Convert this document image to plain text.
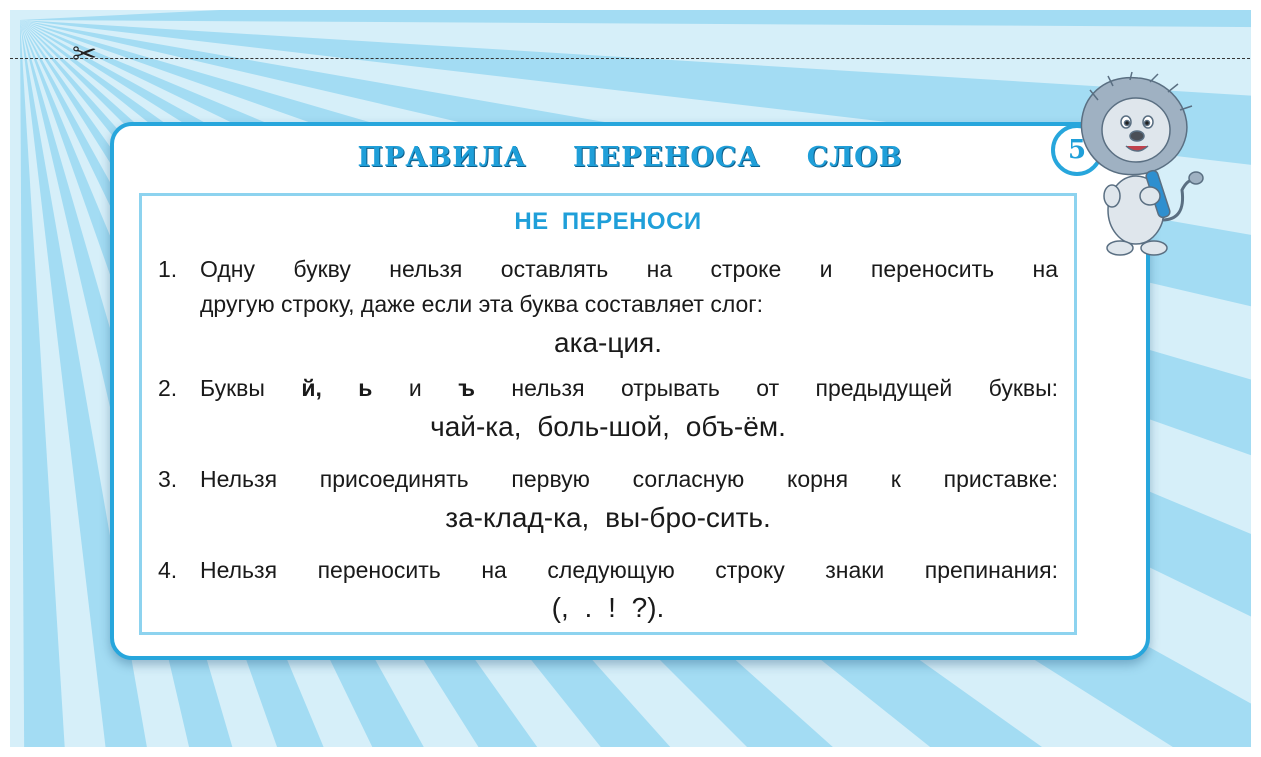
✂
ПРАВИЛА ПЕРЕНОСА СЛОВ	5
НЕ ПЕРЕНОСИ
1. Одну букву нельзя оставлять на строке и переносить на
другую строку, даже если эта буква составляет слог:
ака-ция.
2. Буквы й, ь и ъ нельзя отрывать от предыдущей буквы:
чай-ка, боль-шой, объ-ём.
3. Нельзя присоединять первую согласную корня к приставке:
за-клад-ка, вы-бро-сить.
4. Нельзя переносить на следующую строку знаки препинания:
(, . ! ?).
